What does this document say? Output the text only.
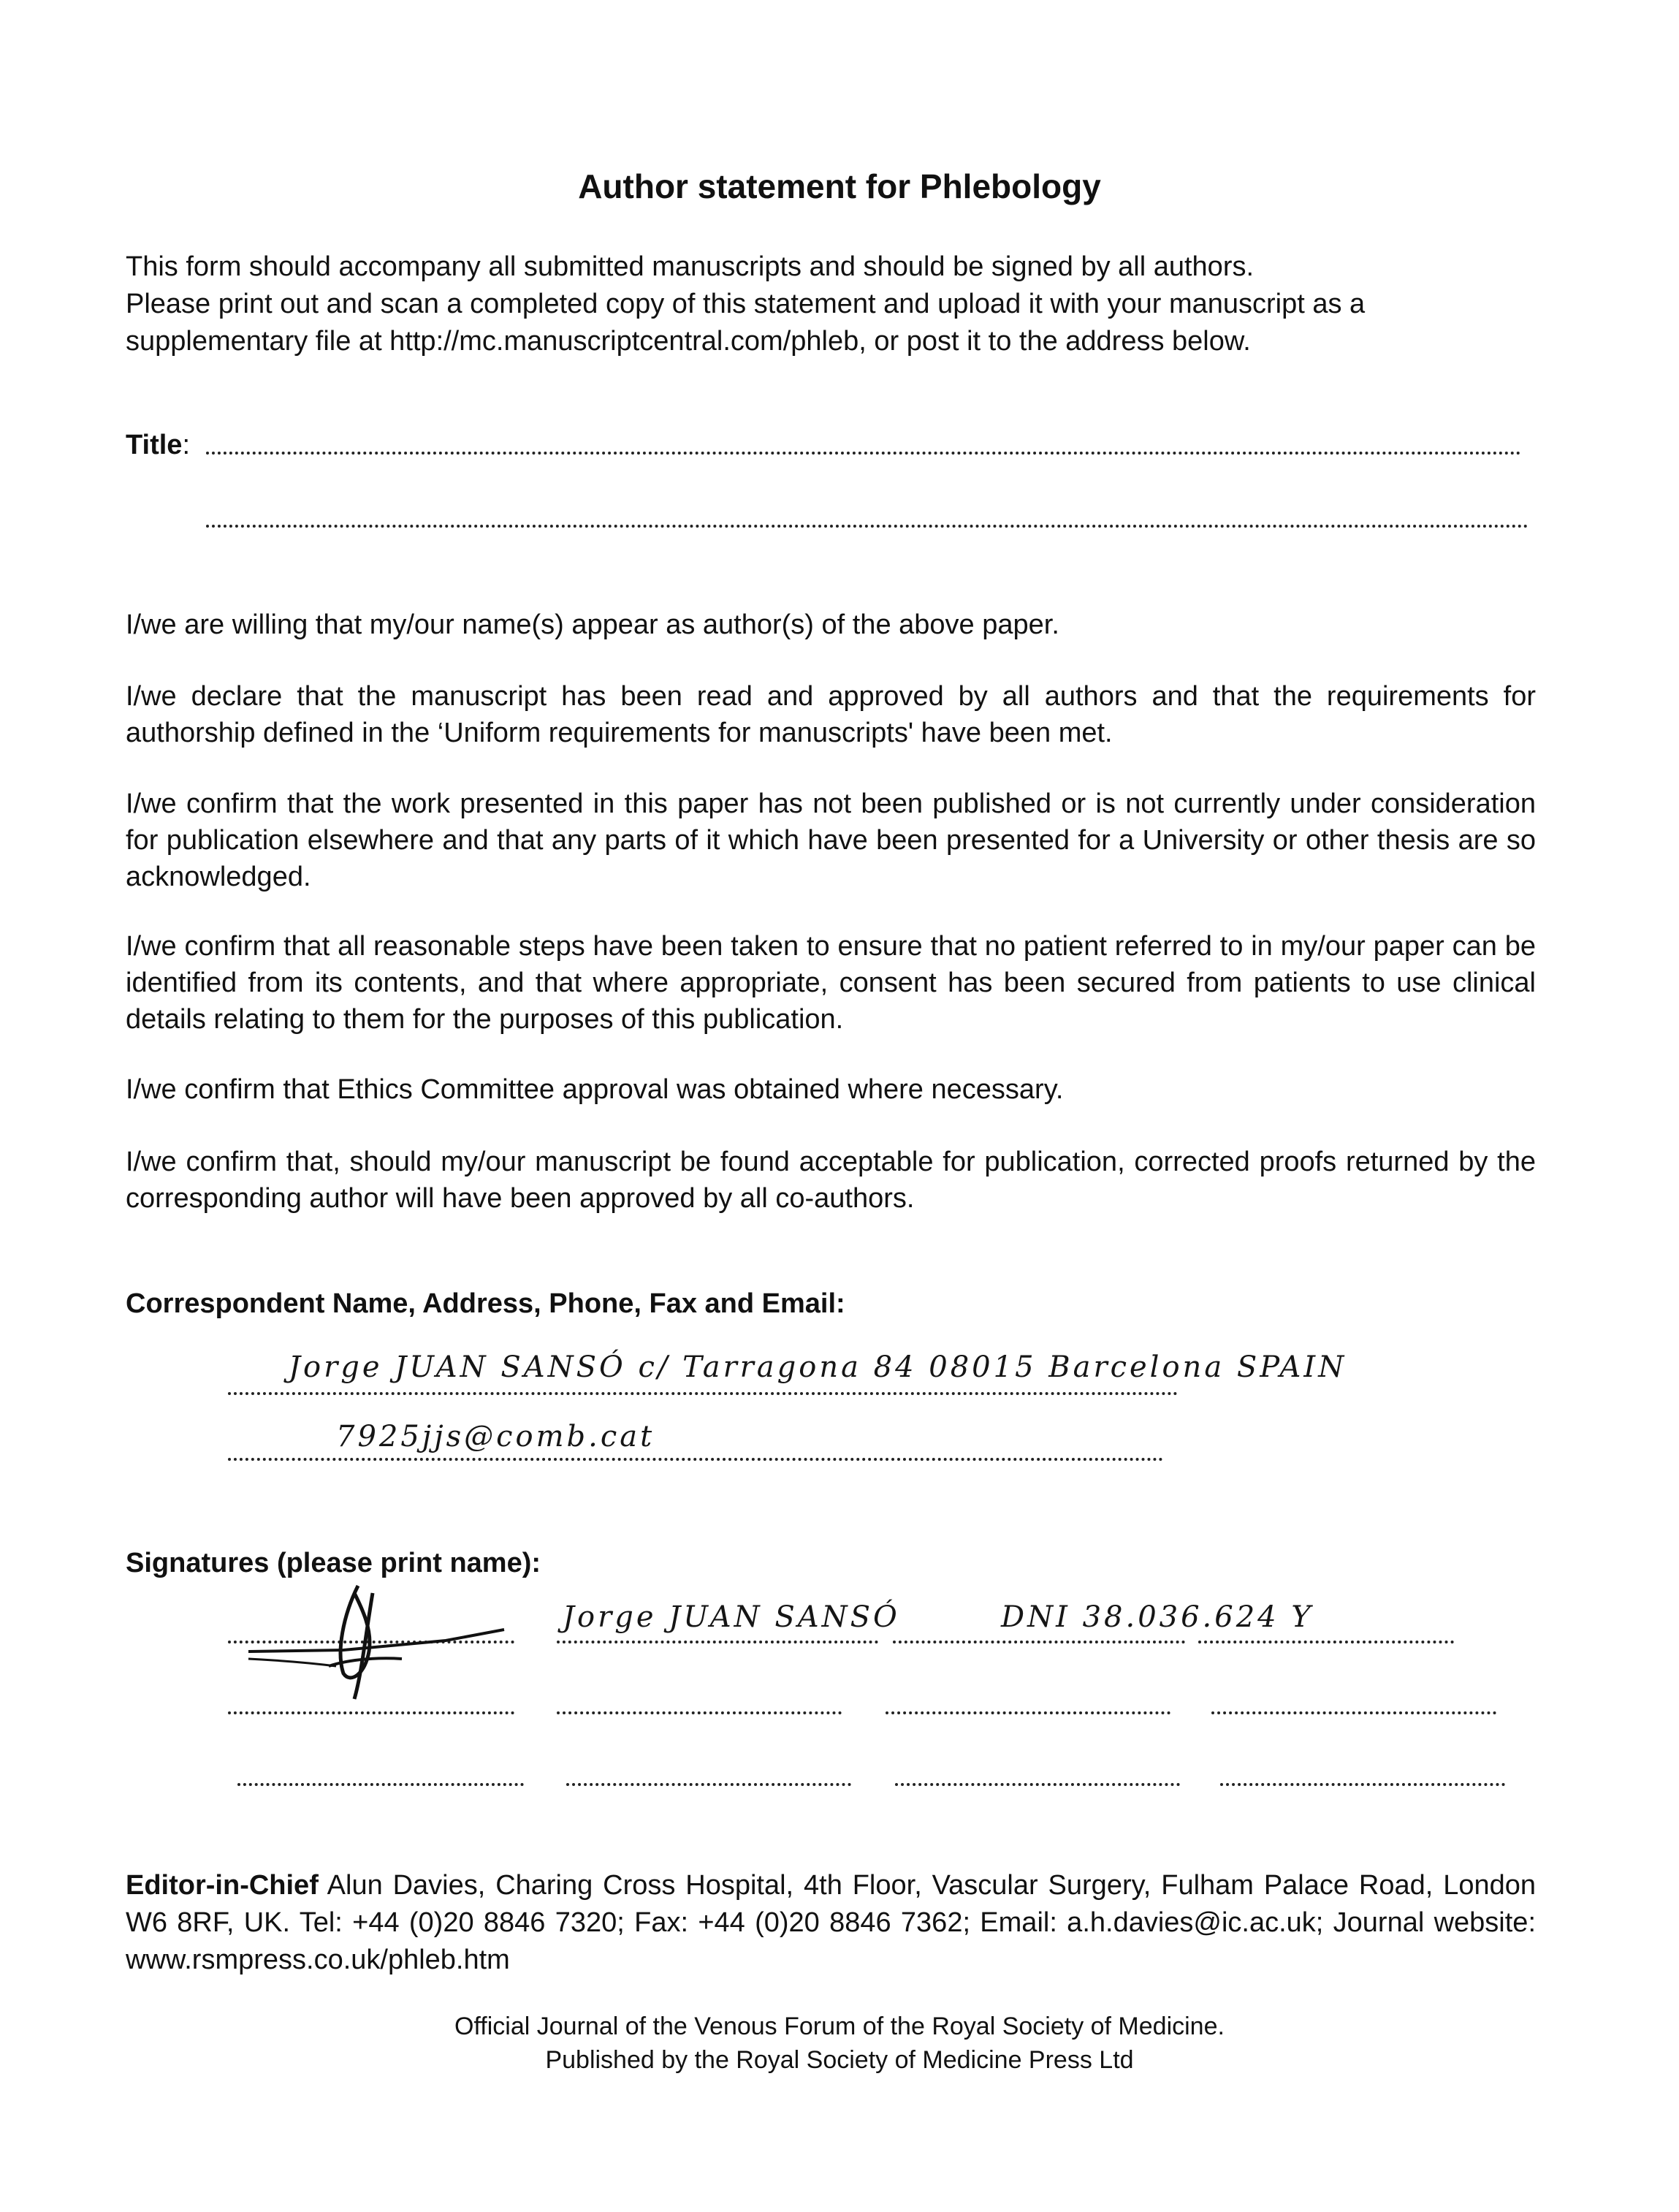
Author statement for Phlebology
This form should accompany all submitted manuscripts and should be signed by all authors.
Please print out and scan a completed copy of this statement and upload it with your manuscript as a supplementary file at http://mc.manuscriptcentral.com/phleb, or post it to the address below.
Title:
I/we are willing that my/our name(s) appear as author(s) of the above paper.
I/we declare that the manuscript has been read and approved by all authors and that the requirements for authorship defined in the ‘Uniform requirements for manuscripts' have been met.
I/we confirm that the work presented in this paper has not been published or is not currently under consideration for publication elsewhere and that any parts of it which have been presented for a University or other thesis are so acknowledged.
I/we confirm that all reasonable steps have been taken to ensure that no patient referred to in my/our paper can be identified from its contents, and that where appropriate, consent has been secured from patients to use clinical details relating to them for the purposes of this publication.
I/we confirm that Ethics Committee approval was obtained where necessary.
I/we confirm that, should my/our manuscript be found acceptable for publication, corrected proofs returned by the corresponding author will have been approved by all co-authors.
Correspondent Name, Address, Phone, Fax and Email:
Jorge JUAN SANSÓ c/ Tarragona 84 08015 Barcelona SPAIN
7925jjs@comb.cat
Signatures (please print name):
Jorge JUAN SANSÓ	DNI 38.036.624 Y
Editor-in-Chief Alun Davies, Charing Cross Hospital, 4th Floor, Vascular Surgery, Fulham Palace Road, London W6 8RF, UK. Tel: +44 (0)20 8846 7320; Fax: +44 (0)20 8846 7362; Email: a.h.davies@ic.ac.uk; Journal website: www.rsmpress.co.uk/phleb.htm
Official Journal of the Venous Forum of the Royal Society of Medicine.
Published by the Royal Society of Medicine Press Ltd
